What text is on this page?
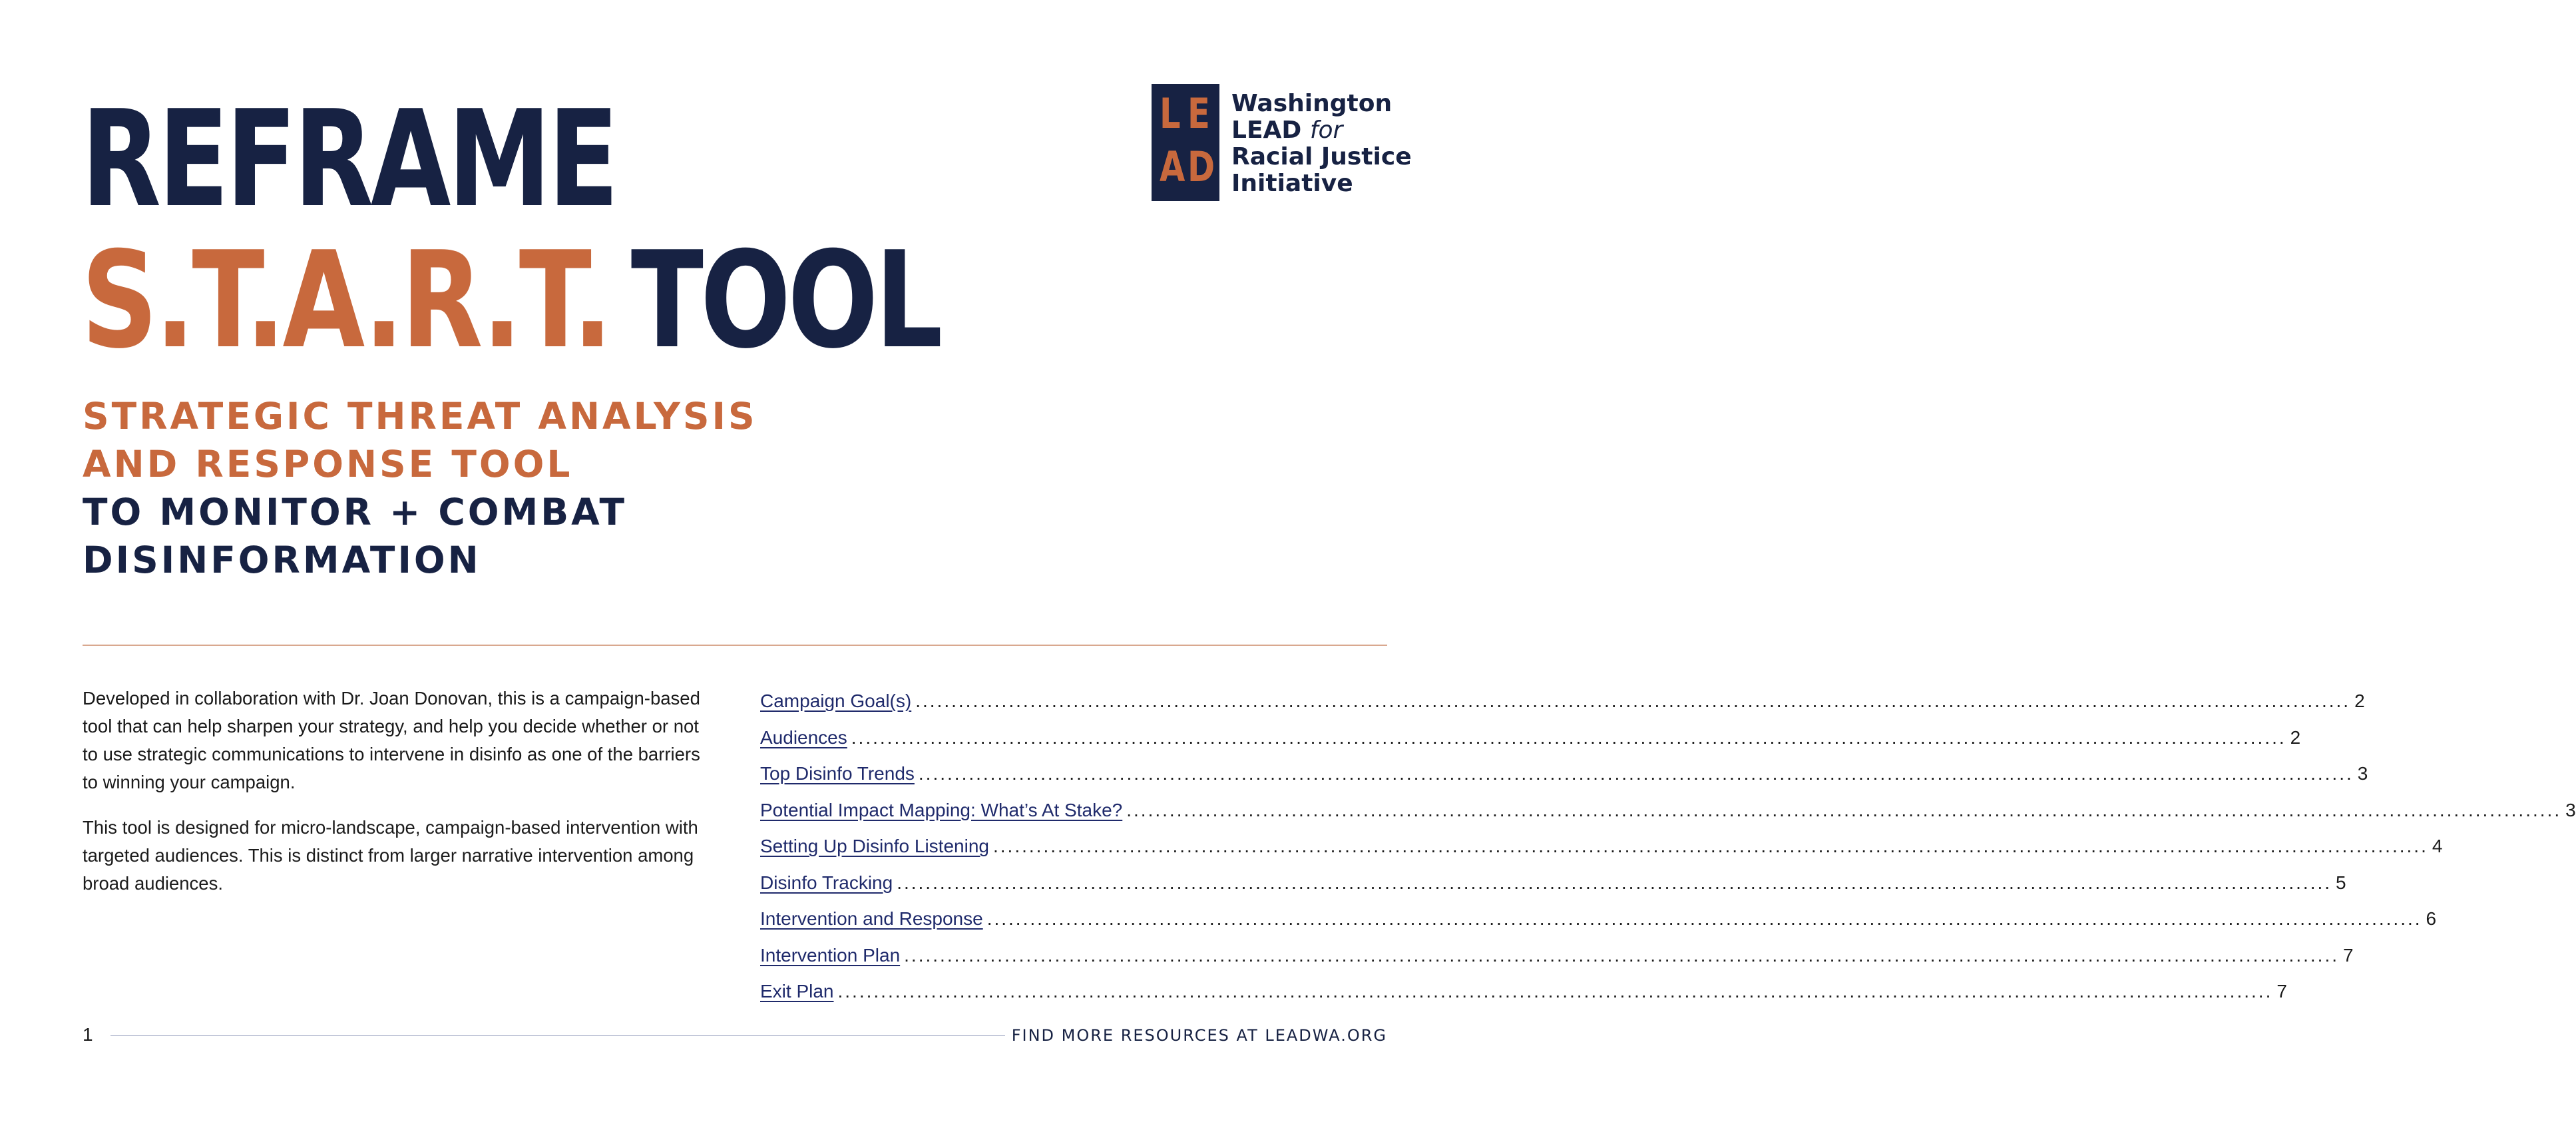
REFRAME
S.T.A.R.T. TOOL
STRATEGIC THREAT ANALYSIS
AND RESPONSE TOOL
TO MONITOR + COMBAT
DISINFORMATION
L E
A D
Washington
LEAD for
Racial Justice
Initiative
Developed in collaboration with Dr. Joan Donovan, this is a campaign-based tool that can help sharpen your strategy, and help you decide whether or not to use strategic communications to intervene in disinfo as one of the barriers to winning your campaign.
This tool is designed for micro-landscape, campaign-based intervention with targeted audiences. This is distinct from larger narrative intervention among broad audiences.
Campaign Goal(s) ........................................................................................................................................................................................................ 2
Audiences ........................................................................................................................................................................................................ 2
Top Disinfo Trends ........................................................................................................................................................................................................ 3
Potential Impact Mapping: What’s At Stake? ........................................................................................................................................................................................................ 3
Setting Up Disinfo Listening ........................................................................................................................................................................................................ 4
Disinfo Tracking ........................................................................................................................................................................................................ 5
Intervention and Response ........................................................................................................................................................................................................ 6
Intervention Plan ........................................................................................................................................................................................................ 7
Exit Plan ........................................................................................................................................................................................................ 7
1	FIND MORE RESOURCES AT LEADWA.ORG
